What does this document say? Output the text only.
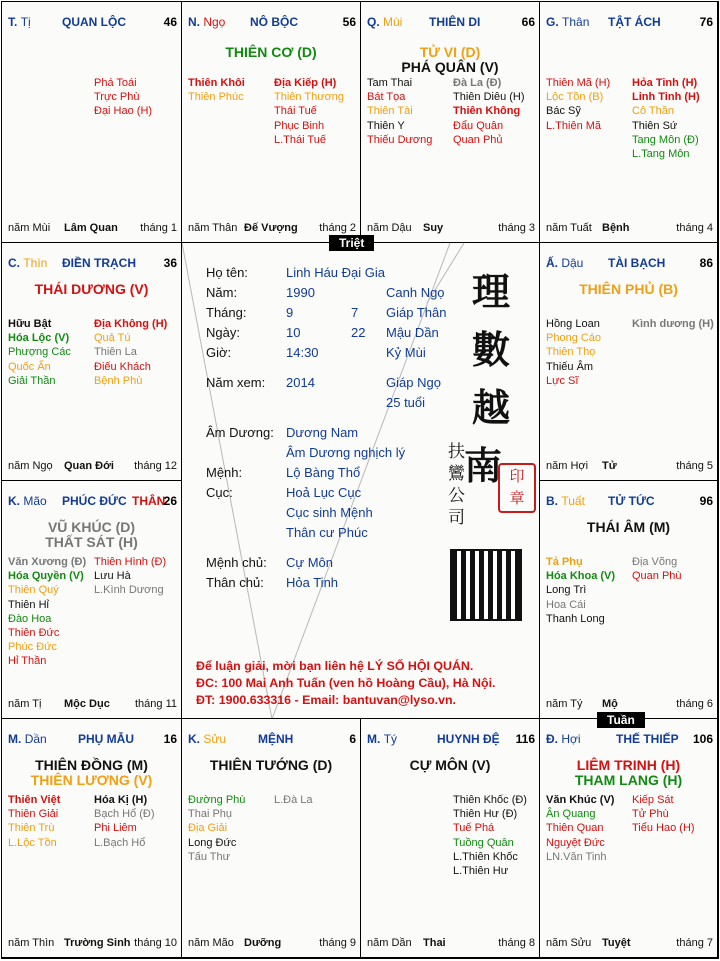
T. Tị	QUAN LỘC	46
Phá Toái
Trực Phù
Đại Hao (H)
năm Mùi Lâm Quan tháng 1
N. Ngọ NÔ BỘC	56
THIÊN CƠ (D)
Thiên Khôi
Thiên Phúc
Địa Kiếp (H)
Thiên Thương
Thái Tuế
Phục Binh
L.Thái Tuế
năm Thân Đế Vượng tháng 2
Q. Mùi THIÊN DI	66
TỬ VI (D)
PHÁ QUÂN (V)
Tam Thai
Bát Tọa
Thiên Tài
Thiên Y
Thiếu Dương
Đà La (Đ)
Thiên Diêu (H)
Thiên Không
Đẩu Quân
Quan Phủ
năm Dậu Suy	tháng 3
G. Thân TẬT ÁCH	76
Thiên Mã (H)
Lộc Tồn (B)
Bác Sỹ
L.Thiên Mã
Hỏa Tinh (H)
Linh Tinh (H)
Cô Thần
Thiên Sứ
Tang Môn (Đ)
L.Tang Môn
năm Tuất Bệnh	tháng 4
C. Thìn ĐIỀN TRẠCH 36
THÁI DƯƠNG (V)
Hữu Bật
Hóa Lộc (V)
Phượng Các
Quốc Ấn
Giải Thần
Địa Không (H)
Quả Tú
Thiên La
Điếu Khách
Bệnh Phù
năm Ngọ Quan Đới tháng 12
Ấ. Dậu TÀI BẠCH	86
THIÊN PHỦ (B)
Hồng Loan
Phong Cáo
Thiên Thọ
Thiếu Âm
Lực Sĩ
Kình dương (H)
năm Hợi Tử	tháng 5
K. Mão PHÚC ĐỨC THÂN
26
VŨ KHÚC (D)
THẤT SÁT (H)
Văn Xương (Đ)
Hóa Quyền (V)
Thiên Quý
Thiên Hỉ
Đào Hoa
Thiên Đức
Phúc Đức
Hỉ Thần
Thiên Hình (Đ)
Lưu Hà
L.Kình Dương
năm Tị Mộc Dục tháng 11
B. Tuất TỬ TỨC	96
THÁI ÂM (M)
Tả Phụ
Hóa Khoa (V)
Long Trì
Hoa Cái
Thanh Long
Địa Võng
Quan Phù
năm Tý Mộ	tháng 6
M. Dần	PHỤ MẪU 16
THIÊN ĐỒNG (M)
THIÊN LƯƠNG (V)
Thiên Việt
Thiên Giải
Thiên Trù
L.Lộc Tồn
Hóa Kị (H)
Bạch Hổ (Đ)
Phi Liêm
L.Bạch Hổ
năm Thìn Trường Sinh tháng 10
K. Sửu	MỆNH	6
THIÊN TƯỚNG (D)
Đường Phù
Thai Phụ
Địa Giải
Long Đức
Tấu Thư
L.Đà La
năm Mão Dưỡng	tháng 9
M. Tý	HUYNH ĐỆ 116
CỰ MÔN (V)
Thiên Khốc (Đ)
Thiên Hư (Đ)
Tuế Phá
Tuồng Quân
L.Thiên Khốc
L.Thiên Hư
năm Dần Thai	tháng 8
Đ. Hợi	THẾ THIẾP 106
LIÊM TRINH (H)
THAM LANG (H)
Văn Khúc (V)
Ân Quang
Thiên Quan
Nguyệt Đức
LN.Văn Tinh
Kiếp Sát
Tử Phù
Tiểu Hao (H)
năm Sửu Tuyệt	tháng 7
Họ tên:	Linh Háu Đại Gia
Năm:	1990	Canh Ngọ
Tháng:	9	7 Giáp Thân
Ngày:	10	22 Mậu Dần
Giờ:	14:30	Kỷ Mùi
Năm xem: 2014	Giáp Ngọ
25 tuổi
Âm Dương: Dương Nam
Âm Dương nghịch lý
Mệnh:	Lộ Bàng Thổ
Cục:	Hoả Lục Cục
Cục sinh Mệnh
Thân cư Phúc
Mệnh chủ: Cự Môn
Thân chủ: Hỏa Tinh
理
數
越
南
扶
鸞
公
司
印
章
Để luận giải, mời bạn liên hệ LÝ SỐ HỘI QUÁN.
ĐC: 100 Mai Anh Tuấn (ven hồ Hoàng Cầu), Hà Nội.
ĐT: 1900.633316 - Email: bantuvan@lyso.vn.
Triệt
Tuần
